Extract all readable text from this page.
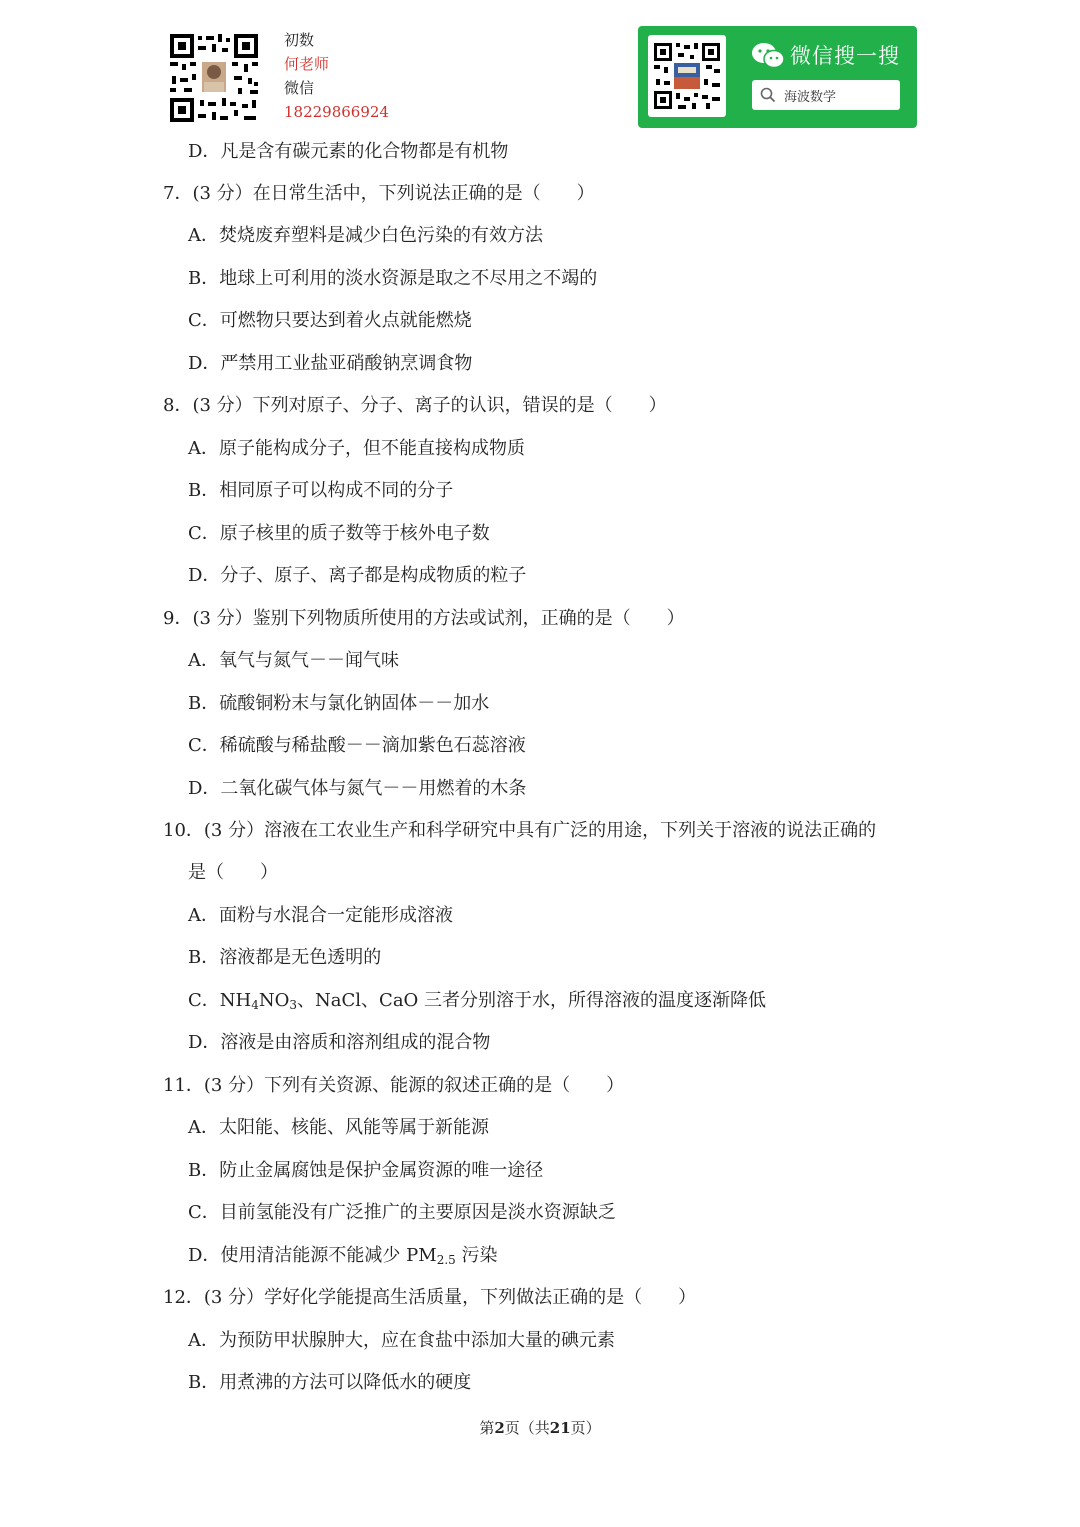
初数
何老师
微信
18229866924
微信搜一搜
海波数学
D．凡是含有碳元素的化合物都是有机物
7．(3 分）在日常生活中，下列说法正确的是（　　）
A．焚烧废弃塑料是减少白色污染的有效方法
B．地球上可利用的淡水资源是取之不尽用之不竭的
C．可燃物只要达到着火点就能燃烧
D．严禁用工业盐亚硝酸钠烹调食物
8．(3 分）下列对原子、分子、离子的认识，错误的是（　　）
A．原子能构成分子，但不能直接构成物质
B．相同原子可以构成不同的分子
C．原子核里的质子数等于核外电子数
D．分子、原子、离子都是构成物质的粒子
9．(3 分）鉴别下列物质所使用的方法或试剂，正确的是（　　）
A．氧气与氮气－－闻气味
B．硫酸铜粉末与氯化钠固体－－加水
C．稀硫酸与稀盐酸－－滴加紫色石蕊溶液
D．二氧化碳气体与氮气－－用燃着的木条
10．(3 分）溶液在工农业生产和科学研究中具有广泛的用途，下列关于溶液的说法正确的
是（　　）
A．面粉与水混合一定能形成溶液
B．溶液都是无色透明的
C．$NH_4NO_3$、NaCl、CaO 三者分别溶于水，所得溶液的温度逐渐降低
D．溶液是由溶质和溶剂组成的混合物
11．(3 分）下列有关资源、能源的叙述正确的是（　　）
A．太阳能、核能、风能等属于新能源
B．防止金属腐蚀是保护金属资源的唯一途径
C．目前氢能没有广泛推广的主要原因是淡水资源缺乏
D．使用清洁能源不能减少 $PM_{2.5}$ 污染
12．(3 分）学好化学能提高生活质量，下列做法正确的是（　　）
A．为预防甲状腺肿大，应在食盐中添加大量的碘元素
B．用煮沸的方法可以降低水的硬度
第2页（共21页）
